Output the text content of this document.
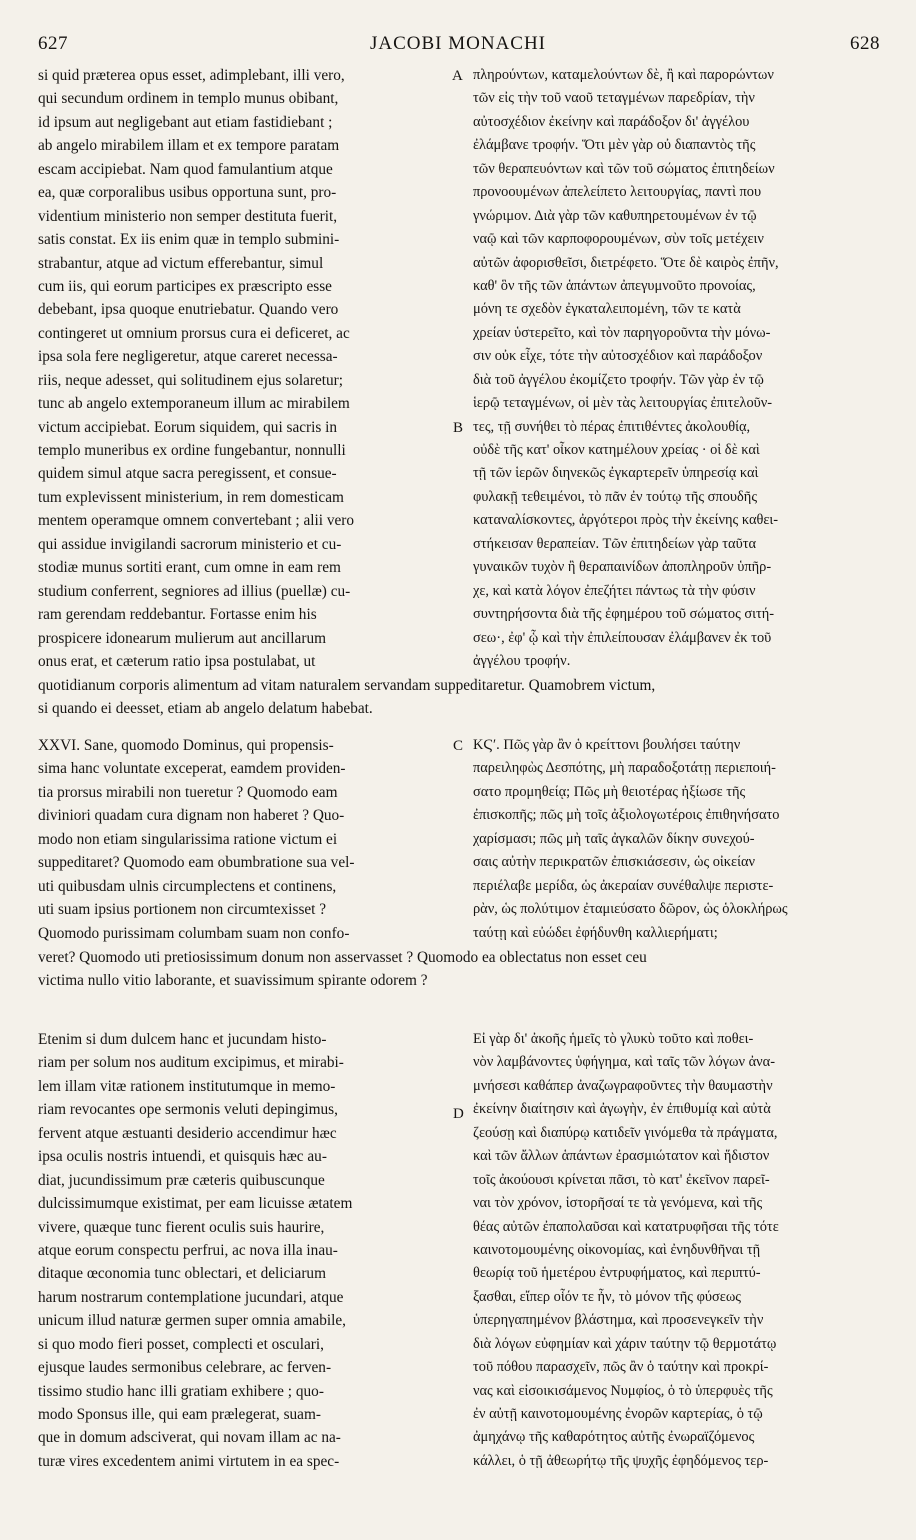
627	JACOBI MONACHI	628
A
B
C
D
si quid prætereа opus esset, adimplebant, illi vero,
qui secundum ordinem in templo munus obibant,
id ipsum aut negligebant aut etiam fastidiebant ;
ab angelo mirabilem illam et ex tempore paratam
escam accipiebat. Nam quod famulantium atque
ea, quæ corporalibus usibus opportuna sunt, pro-
videntium ministerio non semper destituta fuerit,
satis constat. Ex iis enim quæ in templo submini-
strabantur, atque ad victum efferebantur, simul
cum iis, qui eorum participes ex præscripto esse
debebant, ipsa quoque enutriebatur. Quando vero
contingeret ut omnium prorsus cura ei deficeret, ac
ipsa sola fere negligeretur, atque careret necessa-
riis, neque adesset, qui solitudinem ejus solaretur;
tunc ab angelo extemporaneum illum ac mirabilem
victum accipiebat. Eorum siquidem, qui sacris in
templo muneribus ex ordine fungebantur, nonnulli
quidem simul atque sacra peregissent, et consue-
tum explevissent ministerium, in rem domesticam
mentem operamque omnem convertebant ; alii vero
qui assidue invigilandi sacrorum ministerio et cu-
stodiæ munus sortiti erant, cum omne in eam rem
studium conferrent, segniores ad illius (puellæ) cu-
ram gerendam reddebantur. Fortasse enim his
prospicere idonearum mulierum aut ancillarum
onus erat, et cæterum ratio ipsa postulabat, ut
πληρούντων, καταμελούντων δὲ, ἢ καὶ παρορώντων
τῶν εἰς τὴν τοῦ ναοῦ τεταγμένων παρεδρίαν, τὴν
αὐτοσχέδιον ἐκείνην καὶ παράδοξον δι' ἀγγέλου
ἐλάμβανε τροφήν. Ὅτι μὲν γὰρ οὐ διαπαντὸς τῆς
τῶν θεραπευόντων καὶ τῶν τοῦ σώματος ἐπιτηδείων
προνοουμένων ἀπελείπετο λειτουργίας, παντὶ που
γνώριμον. Διὰ γὰρ τῶν καθυπηρετουμένων ἐν τῷ
ναῷ καὶ τῶν καρποφορουμένων, σὺν τοῖς μετέχειν
αὐτῶν ἀφορισθεῖσι, διετρέφετο. Ὅτε δὲ καιρὸς ἐπῆν,
καθ' ὃν τῆς τῶν ἁπάντων ἀπεγυμνοῦτο προνοίας,
μόνη τε σχεδὸν ἐγκαταλειπομένη, τῶν τε κατὰ
χρείαν ὑστερεῖτο, καὶ τὸν παρηγοροῦντα τὴν μόνω-
σιν οὐκ εἶχε, τότε τὴν αὐτοσχέδιον καὶ παράδοξον
διὰ τοῦ ἀγγέλου ἐκομίζετο τροφήν. Τῶν γὰρ ἐν τῷ
ἱερῷ τεταγμένων, οἱ μὲν τὰς λειτουργίας ἐπιτελοῦν-
τες, τῇ συνήθει τὸ πέρας ἐπιτιθέντες ἀκολουθίᾳ,
οὐδὲ τῆς κατ' οἶκον κατημέλουν χρείας · οἱ δὲ καὶ
τῇ τῶν ἱερῶν διηνεκῶς ἐγκαρτερεῖν ὑπηρεσίᾳ καὶ
φυλακῇ τεθειμένοι, τὸ πᾶν ἐν τούτῳ τῆς σπουδῆς
καταναλίσκοντες, ἀργότεροι πρὸς τὴν ἐκείνης καθει-
στήκεισαν θεραπείαν. Τῶν ἐπιτηδείων γὰρ ταῦτα
γυναικῶν τυχὸν ἢ θεραπαινίδων ἀποπληροῦν ὑπῆρ-
χε, καὶ κατὰ λόγον ἐπεζήτει πάντως τὰ τὴν φύσιν
συντηρήσοντα διὰ τῆς ἐφημέρου τοῦ σώματος σιτή-
σεω·, ἐφ' ᾧ καὶ τὴν ἐπιλείπουσαν ἐλάμβανεν ἐκ τοῦ
ἀγγέλου τροφήν.
quotidianum corporis alimentum ad vitam naturalem servandam suppeditaretur. Quamobrem victum,
si quando ei deesset, etiam ab angelo delatum habebat.
XXVI. Sane, quomodo Dominus, qui propensis-
sima hanc voluntate exceperat, eamdem providen-
tia prorsus mirabili non tueretur ? Quomodo eam
diviniori quadam cura dignam non haberet ? Quo-
modo non etiam singularissima ratione victum ei
suppeditaret? Quomodo eam obumbratione sua vel-
uti quibusdam ulnis circumplectens et continens,
uti suam ipsius portionem non circumtexisset ?
Quomodo purissimam columbam suam non confo-
ΚϚʹ. Πῶς γὰρ ἂν ὁ κρείττονι βουλήσει ταύτην
παρειληφὼς Δεσπότης, μὴ παραδοξοτάτῃ περιεποιή-
σατο προμηθείᾳ; Πῶς μὴ θειοτέρας ἠξίωσε τῆς
ἐπισκοπῆς; πῶς μὴ τοῖς ἀξιολογωτέροις ἐπιθηνήσατο
χαρίσμασι; πῶς μὴ ταῖς ἀγκαλῶν δίκην συνεχού-
σαις αὐτὴν περικρατῶν ἐπισκιάσεσιν, ὡς οἰκείαν
περιέλαβε μερίδα, ὡς ἀκεραίαν συνέθαλψε περιστε-
ρὰν, ὡς πολύτιμον ἐταμιεύσατο δῶρον, ὡς ὁλοκλήρως
ταύτῃ καὶ εὐώδει ἐφήδυνθη καλλιερήματι;
veret? Quomodo uti pretiosissimum donum non asservasset ? Quomodo ea oblectatus non esset ceu
victima nullo vitio laborante, et suavissimum spirante odorem ?
Etenim si dum dulcem hanc et jucundam histo-
riam per solum nos auditum excipimus, et mirabi-
lem illam vitæ rationem institutumque in memo-
riam revocantes ope sermonis veluti depingimus,
fervent atque æstuanti desiderio accendimur hæc
ipsa oculis nostris intuendi, et quisquis hæc au-
diat, jucundissimum præ cæteris quibuscunque
dulcissimumque existimat, per eam licuisse ætatem
vivere, quæque tunc fierent oculis suis haurire,
atque eorum conspectu perfrui, ac nova illa inau-
ditaque œconomia tunc oblectari, et deliciarum
harum nostrarum contemplatione jucundari, atque
unicum illud naturæ germen super omnia amabile,
si quo modo fieri posset, complecti et osculari,
ejusque laudes sermonibus celebrare, ac ferven-
tissimo studio hanc illi gratiam exhibere ; quo-
modo Sponsus ille, qui eam prælegerat, suam-
que in domum adsciverat, qui novam illam ac na-
turæ vires excedentem animi virtutem in ea spec-
Εἰ γὰρ δι' ἀκοῆς ἡμεῖς τὸ γλυκὺ τοῦτο καὶ ποθει-
νὸν λαμβάνοντες ὑφήγημα, καὶ ταῖς τῶν λόγων ἀνα-
μνήσεσι καθάπερ ἀναζωγραφοῦντες τὴν θαυμαστὴν
ἐκείνην διαίτησιν καὶ ἀγωγὴν, ἐν ἐπιθυμίᾳ καὶ αὐτὰ
ζεούσῃ καὶ διαπύρῳ κατιδεῖν γινόμεθα τὰ πράγματα,
καὶ τῶν ἄλλων ἁπάντων ἐρασμιώτατον καὶ ἥδιστον
τοῖς ἀκούουσι κρίνεται πᾶσι, τὸ κατ' ἐκεῖνον παρεῖ-
ναι τὸν χρόνον, ἱστορῆσαί τε τὰ γενόμενα, καὶ τῆς
θέας αὐτῶν ἐπαπολαῦσαι καὶ κατατρυφῆσαι τῆς τότε
καινοτομουμένης οἰκονομίας, καὶ ἐνηδυνθῆναι τῇ
θεωρίᾳ τοῦ ἡμετέρου ἐντρυφήματος, καὶ περιπτύ-
ξασθαι, εἴπερ οἷόν τε ἦν, τὸ μόνον τῆς φύσεως
ὑπερηγαπημένον βλάστημα, καὶ προσενεγκεῖν τὴν
διὰ λόγων εὐφημίαν καὶ χάριν ταύτην τῷ θερμοτάτῳ
τοῦ πόθου παρασχεῖν, πῶς ἂν ὁ ταύτην καὶ προκρί-
νας καὶ εἰσοικισάμενος Νυμφίος, ὁ τὸ ὑπερφυὲς τῆς
ἐν αὐτῇ καινοτομουμένης ἐνορῶν καρτερίας, ὁ τῷ
ἀμηχάνῳ τῆς καθαρότητος αὐτῆς ἐνωραϊζόμενος
κάλλει, ὁ τῇ ἀθεωρήτῳ τῆς ψυχῆς ἐφηδόμενος τερ-
